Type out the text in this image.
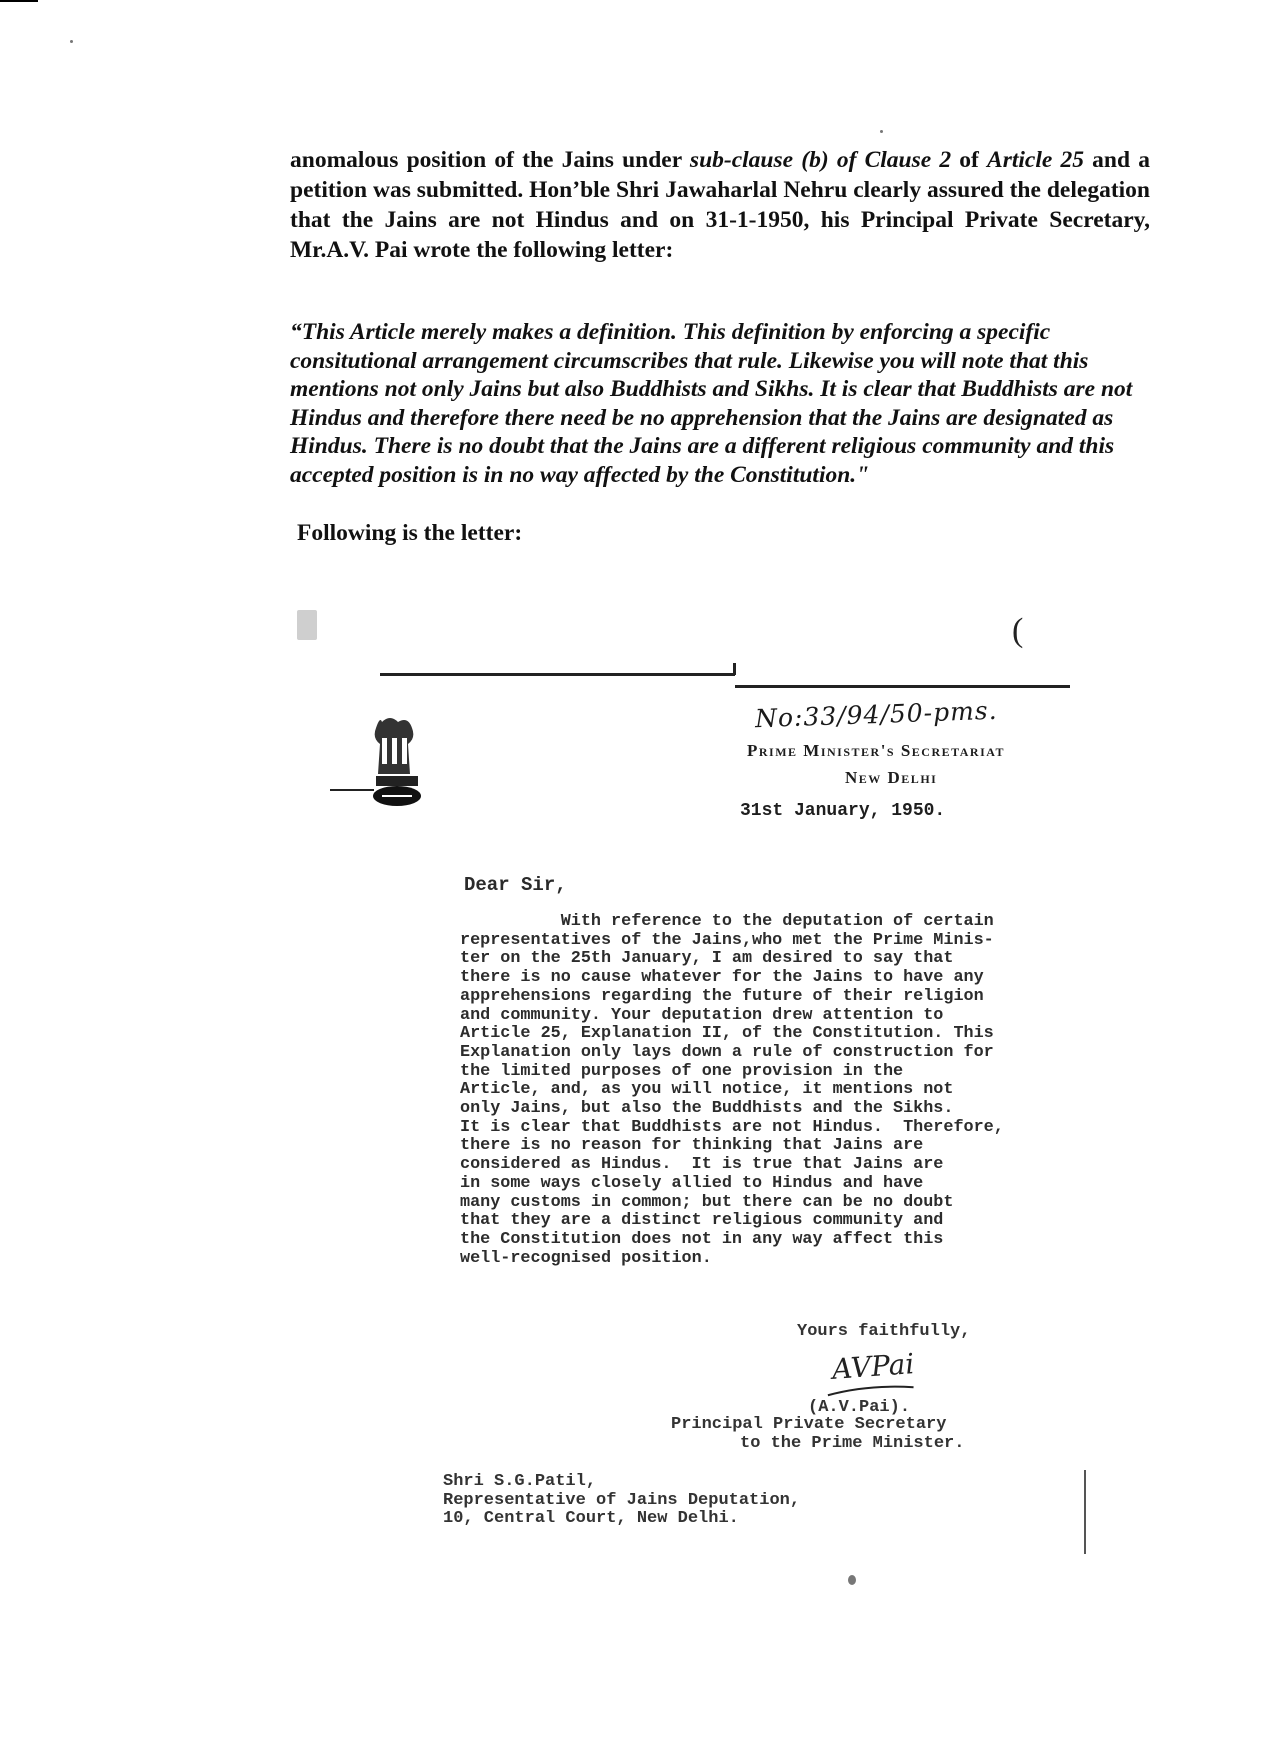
anomalous position of the Jains under sub-clause (b) of Clause 2 of Article 25 and a petition was submitted. Hon’ble Shri Jawaharlal Nehru clearly assured the delegation that the Jains are not Hindus and on 31-1-1950, his Principal Private Secretary, Mr.A.V. Pai wrote the following letter:
“This Article merely makes a definition. This definition by enforcing a specific consitutional arrangement circumscribes that rule. Likewise you will note that this mentions not only Jains but also Buddhists and Sikhs. It is clear that Buddhists are not Hindus and therefore there need be no apprehension that the Jains are designated as Hindus. There is no doubt that the Jains are a different religious community and this accepted position is in no way affected by the Constitution."
Following is the letter:
(
No:33/94/50-pms.
Prime Minister's Secretariat
New Delhi
31st January, 1950.
Dear Sir,
With reference to the deputation of certain
representatives of the Jains,who met the Prime Minis-
ter on the 25th January, I am desired to say that
there is no cause whatever for the Jains to have any
apprehensions regarding the future of their religion
and community. Your deputation drew attention to
Article 25, Explanation II, of the Constitution. This
Explanation only lays down a rule of construction for
the limited purposes of one provision in the
Article, and, as you will notice, it mentions not
only Jains, but also the Buddhists and the Sikhs.
It is clear that Buddhists are not Hindus.  Therefore,
there is no reason for thinking that Jains are
considered as Hindus.  It is true that Jains are
in some ways closely allied to Hindus and have
many customs in common; but there can be no doubt
that they are a distinct religious community and
the Constitution does not in any way affect this
well-recognised position.
Yours faithfully,
AVPai
(A.V.Pai).
Principal Private Secretary
to the Prime Minister.
Shri S.G.Patil,
Representative of Jains Deputation,
10, Central Court, New Delhi.
